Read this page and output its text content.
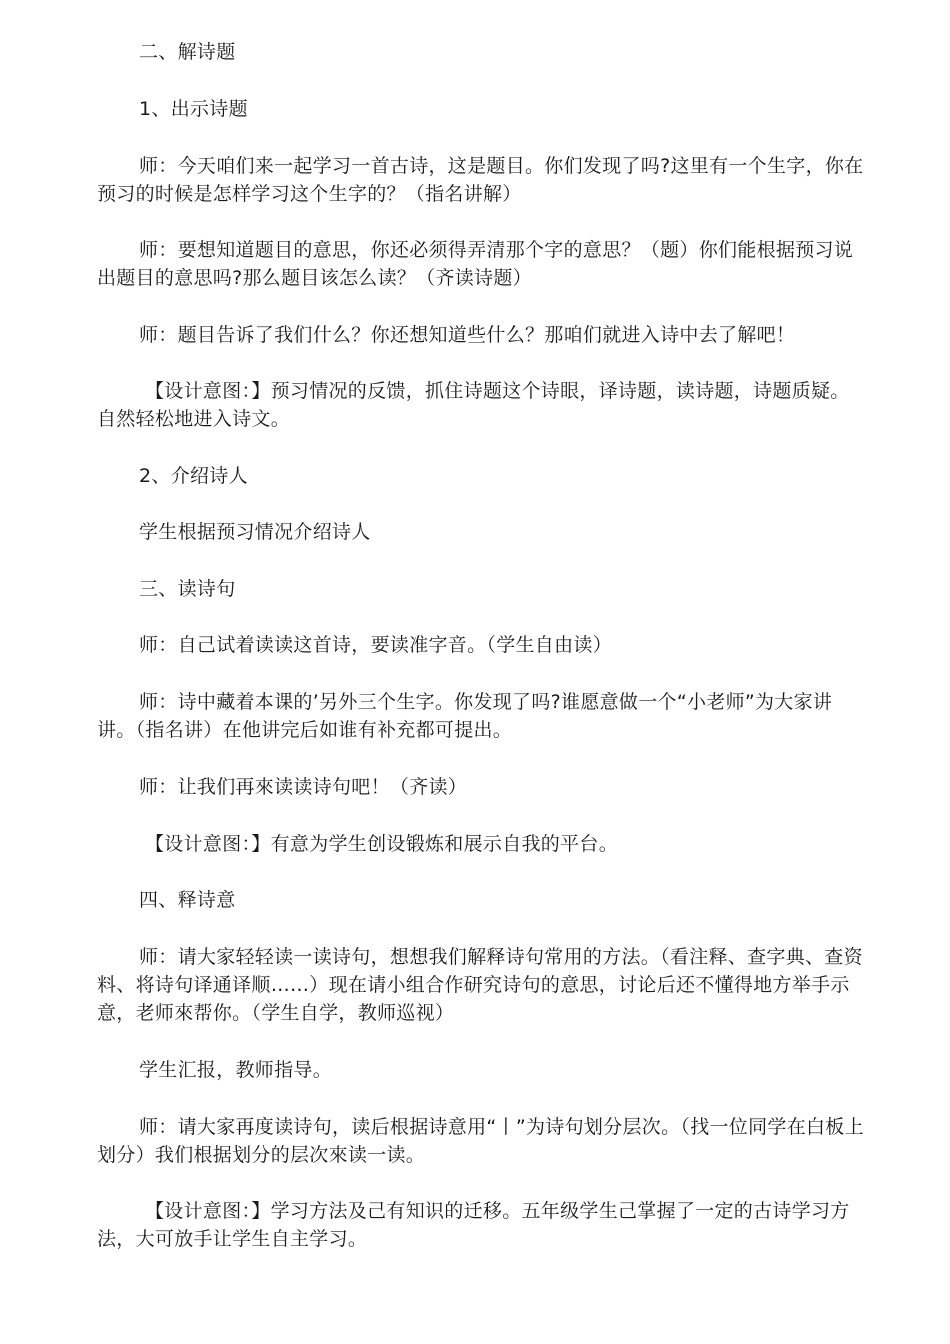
二、解诗题

1、出示诗题

师：今天咱们来一起学习一首古诗，这是题目。你们发现了吗?这里有一个生字，你在预习的时候是怎样学习这个生字的？（指名讲解）

师：要想知道题目的意思，你还必须得弄清那个字的意思？（题）你们能根据预习说出题目的意思吗?那么题目该怎么读？（齐读诗题）

师：题目告诉了我们什么？你还想知道些什么？那咱们就进入诗中去了解吧！

【设计意图：】预习情况的反馈，抓住诗题这个诗眼，译诗题，读诗题，诗题质疑。自然轻松地进入诗文。

2、介绍诗人

学生根据预习情况介绍诗人

三、读诗句

师：自己试着读读这首诗，要读准字音。（学生自由读）

师：诗中藏着本课的’另外三个生字。你发现了吗?谁愿意做一个“小老师”为大家讲讲。（指名讲）在他讲完后如谁有补充都可提出。

师：让我们再來读读诗句吧！（齐读）

【设计意图：】有意为学生创设锻炼和展示自我的平台。

四、释诗意

师：请大家轻轻读一读诗句，想想我们解释诗句常用的方法。（看注释、查字典、查资料、将诗句译通译顺……）现在请小组合作研究诗句的意思，讨论后还不懂得地方举手示意，老师來帮你。（学生自学，教师巡视）

学生汇报，教师指导。

师：请大家再度读诗句，读后根据诗意用“丨”为诗句划分层次。（找一位同学在白板上划分）我们根据划分的层次來读一读。

【设计意图：】学习方法及己有知识的迁移。五年级学生己掌握了一定的古诗学习方法，大可放手让学生自主学习。
